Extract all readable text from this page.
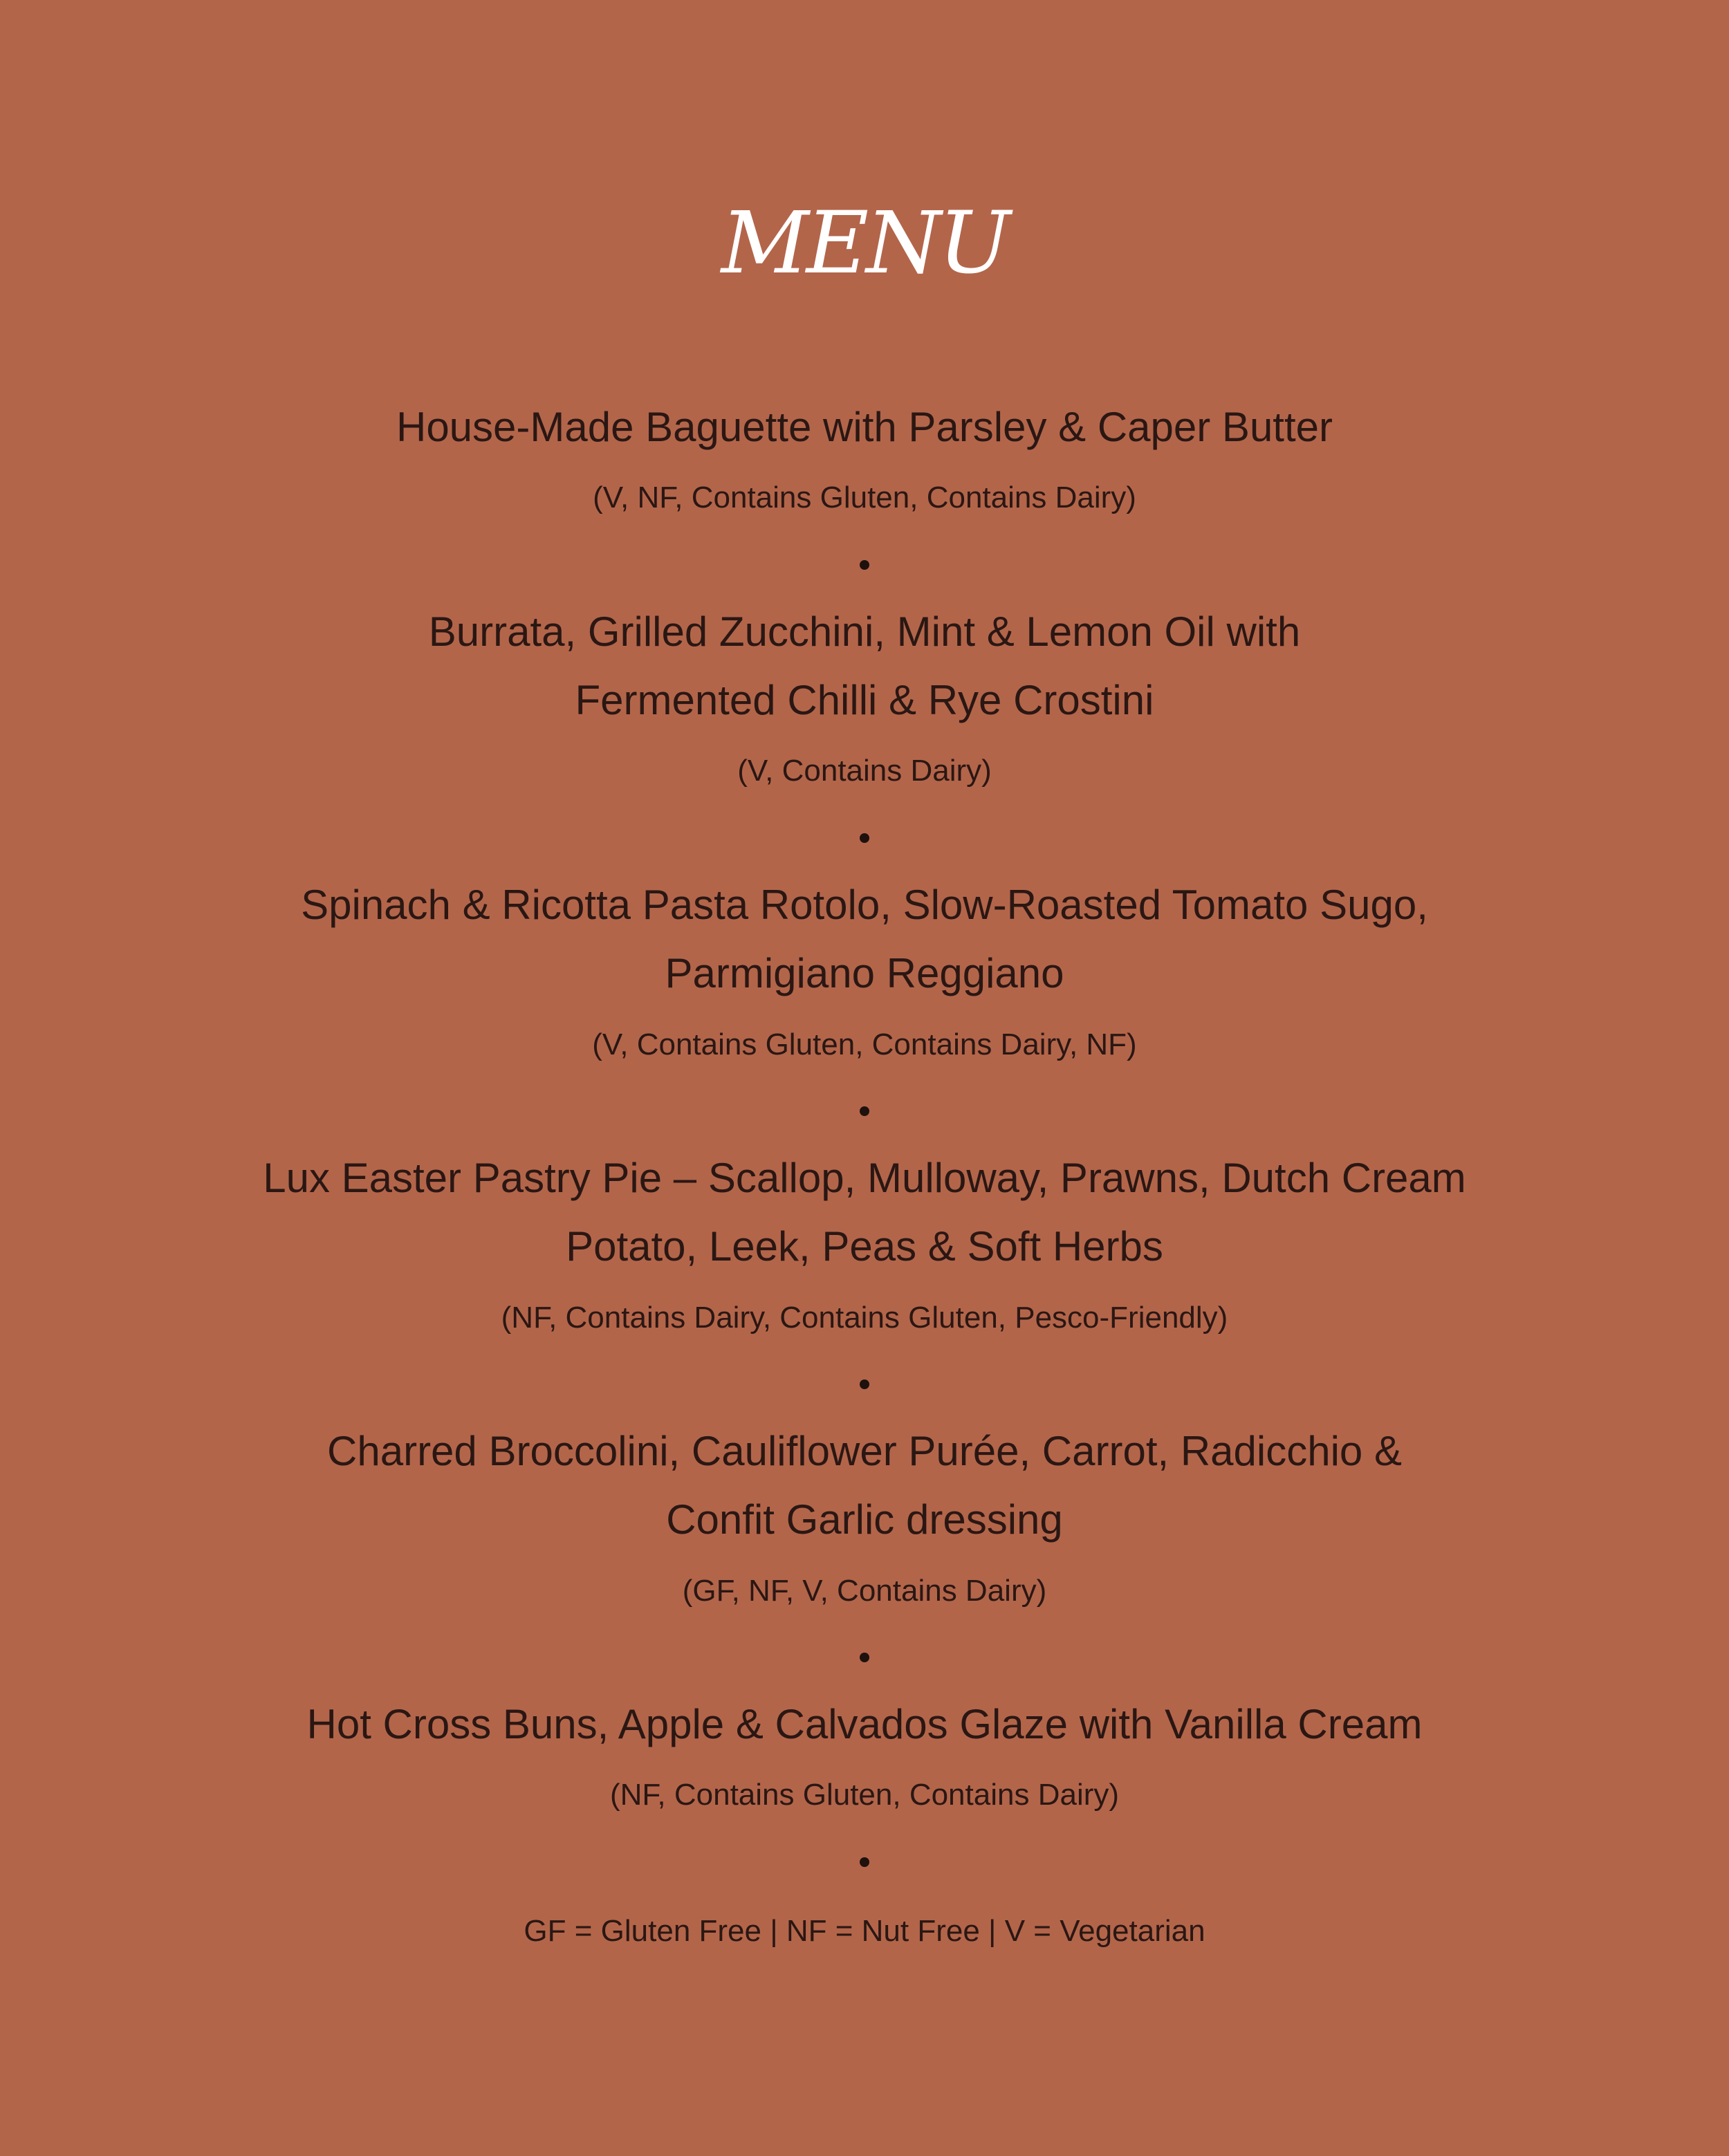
MENU
House-Made Baguette with Parsley & Caper Butter
(V, NF, Contains Gluten, Contains Dairy)
Burrata, Grilled Zucchini, Mint & Lemon Oil with
Fermented Chilli & Rye Crostini
(V, Contains Dairy)
Spinach & Ricotta Pasta Rotolo, Slow-Roasted Tomato Sugo,
Parmigiano Reggiano
(V, Contains Gluten, Contains Dairy, NF)
Lux Easter Pastry Pie – Scallop, Mulloway, Prawns, Dutch Cream
Potato, Leek, Peas & Soft Herbs
(NF, Contains Dairy, Contains Gluten, Pesco-Friendly)
Charred Broccolini, Cauliflower Purée, Carrot, Radicchio &
Confit Garlic dressing
(GF, NF, V, Contains Dairy)
Hot Cross Buns, Apple & Calvados Glaze with Vanilla Cream
(NF, Contains Gluten, Contains Dairy)
GF = Gluten Free | NF = Nut Free | V = Vegetarian
